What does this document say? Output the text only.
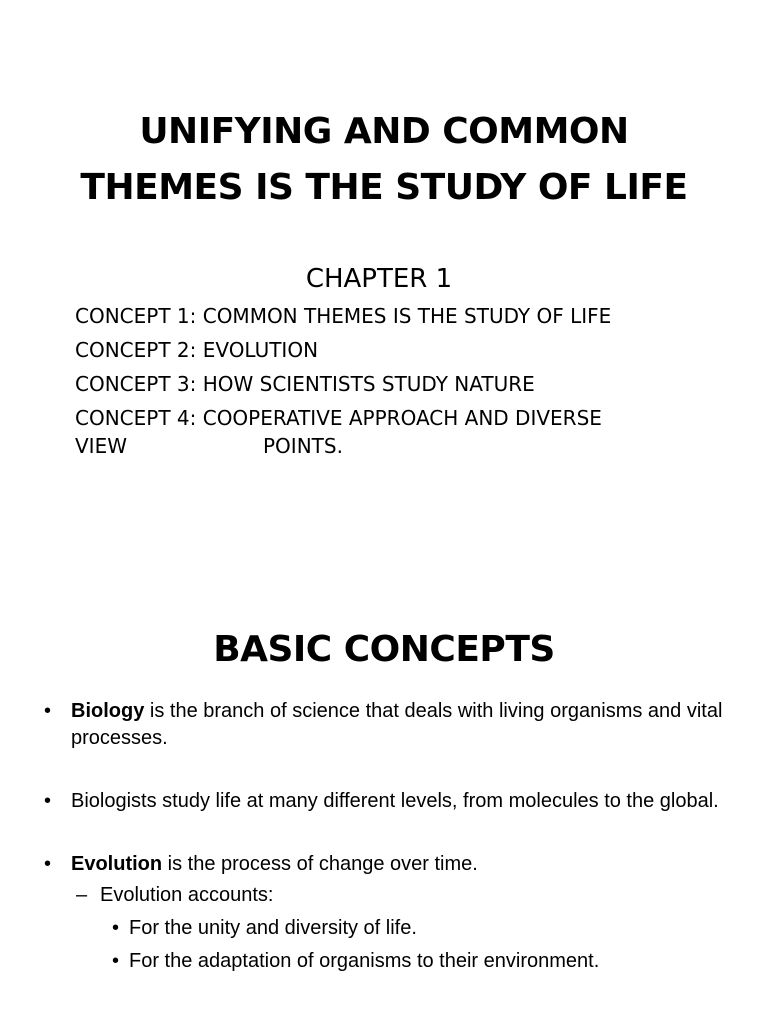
UNIFYING AND COMMON
THEMES IS THE STUDY OF LIFE
CHAPTER 1
CONCEPT 1: COMMON THEMES IS THE STUDY OF LIFE
CONCEPT 2: EVOLUTION
CONCEPT 3: HOW SCIENTISTS STUDY NATURE
CONCEPT 4: COOPERATIVE APPROACH AND DIVERSE
VIEW	POINTS.
BASIC CONCEPTS
• Biology is the branch of science that deals with living organisms and vital processes.
• Biologists study life at many different levels, from molecules to the global.
• Evolution is the process of change over time.
– Evolution accounts:
• For the unity and diversity of life.
• For the adaptation of organisms to their environment.
